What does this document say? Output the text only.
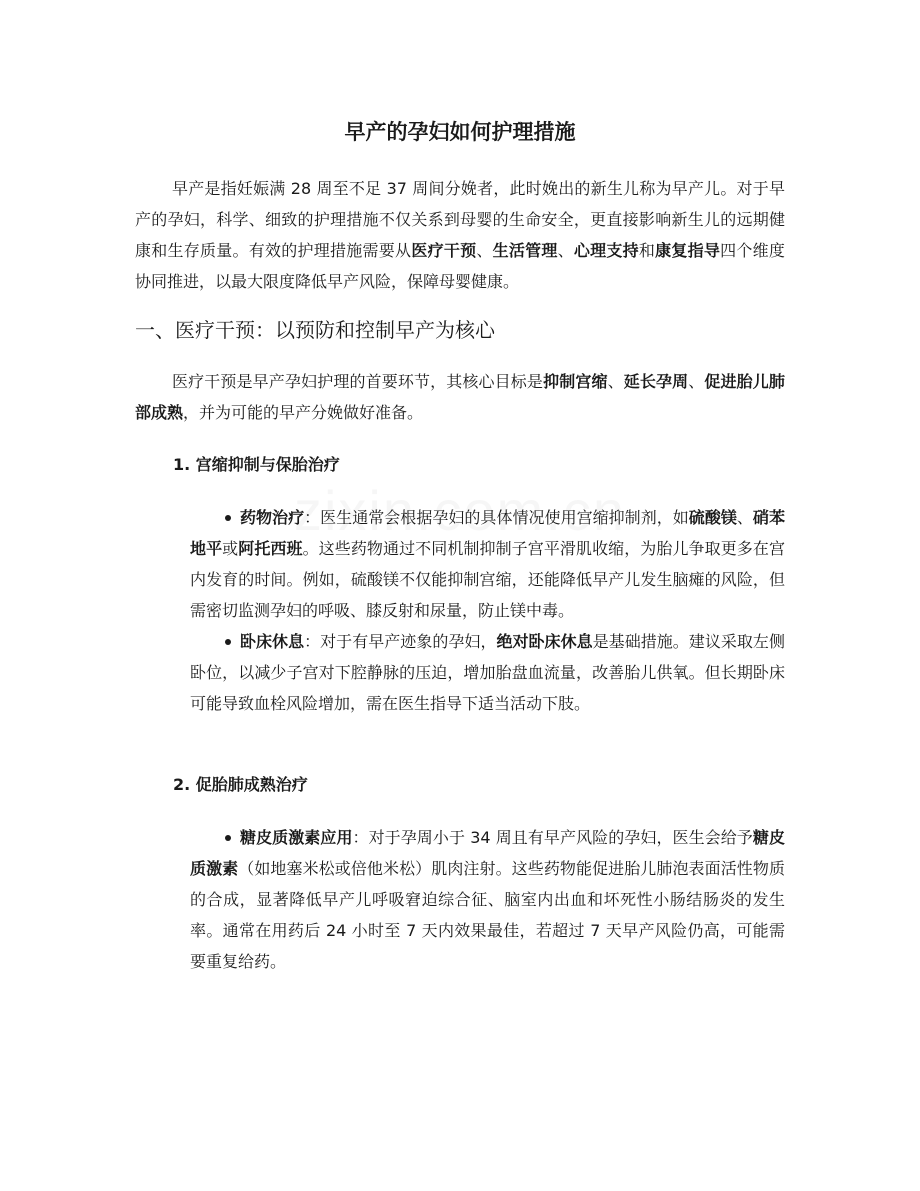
早产的孕妇如何护理措施

早产是指妊娠满 28 周至不足 37 周间分娩者，此时娩出的新生儿称为早产儿。对于早产的孕妇，科学、细致的护理措施不仅关系到母婴的生命安全，更直接影响新生儿的远期健康和生存质量。有效的护理措施需要从医疗干预、生活管理、心理支持和康复指导四个维度协同推进，以最大限度降低早产风险，保障母婴健康。

一、医疗干预：以预防和控制早产为核心

医疗干预是早产孕妇护理的首要环节，其核心目标是抑制宫缩、延长孕周、促进胎儿肺部成熟，并为可能的早产分娩做好准备。

1. 宫缩抑制与保胎治疗
药物治疗：医生通常会根据孕妇的具体情况使用宫缩抑制剂，如硫酸镁、硝苯地平或阿托西班。这些药物通过不同机制抑制子宫平滑肌收缩，为胎儿争取更多在宫内发育的时间。例如，硫酸镁不仅能抑制宫缩，还能降低早产儿发生脑瘫的风险，但需密切监测孕妇的呼吸、膝反射和尿量，防止镁中毒。
卧床休息：对于有早产迹象的孕妇，绝对卧床休息是基础措施。建议采取左侧卧位，以减少子宫对下腔静脉的压迫，增加胎盘血流量，改善胎儿供氧。但长期卧床可能导致血栓风险增加，需在医生指导下适当活动下肢。
2. 促胎肺成熟治疗
糖皮质激素应用：对于孕周小于 34 周且有早产风险的孕妇，医生会给予糖皮质激素（如地塞米松或倍他米松）肌肉注射。这些药物能促进胎儿肺泡表面活性物质的合成，显著降低早产儿呼吸窘迫综合征、脑室内出血和坏死性小肠结肠炎的发生率。通常在用药后 24 小时至 7 天内效果最佳，若超过 7 天早产风险仍高，可能需要重复给药。
